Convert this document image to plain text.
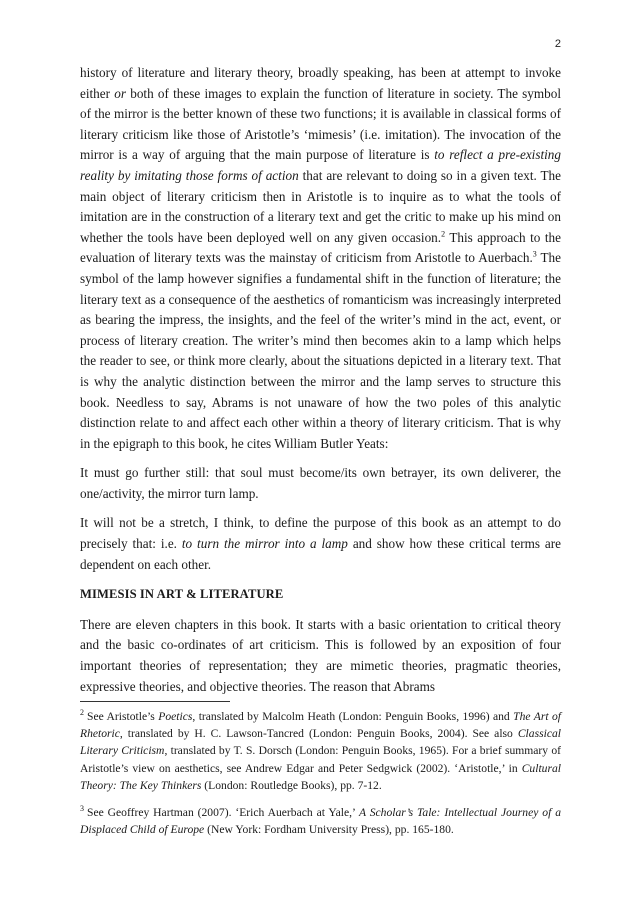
2

history of literature and literary theory, broadly speaking, has been at attempt to invoke either or both of these images to explain the function of literature in society. The symbol of the mirror is the better known of these two functions; it is available in classical forms of literary criticism like those of Aristotle’s ‘mimesis’ (i.e. imitation). The invocation of the mirror is a way of arguing that the main purpose of literature is to reflect a pre-existing reality by imitating those forms of action that are relevant to doing so in a given text. The main object of literary criticism then in Aristotle is to inquire as to what the tools of imitation are in the construction of a literary text and get the critic to make up his mind on whether the tools have been deployed well on any given occasion.$^2$ This approach to the evaluation of literary texts was the mainstay of criticism from Aristotle to Auerbach.$^3$ The symbol of the lamp however signifies a fundamental shift in the function of literature; the literary text as a consequence of the aesthetics of romanticism was increasingly interpreted as bearing the impress, the insights, and the feel of the writer’s mind in the act, event, or process of literary creation. The writer’s mind then becomes akin to a lamp which helps the reader to see, or think more clearly, about the situations depicted in a literary text. That is why the analytic distinction between the mirror and the lamp serves to structure this book. Needless to say, Abrams is not unaware of how the two poles of this analytic distinction relate to and affect each other within a theory of literary criticism. That is why in the epigraph to this book, he cites William Butler Yeats:

It must go further still: that soul must become/its own betrayer, its own deliverer, the one/activity, the mirror turn lamp.

It will not be a stretch, I think, to define the purpose of this book as an attempt to do precisely that: i.e. to turn the mirror into a lamp and show how these critical terms are dependent on each other.

MIMESIS IN ART & LITERATURE

There are eleven chapters in this book. It starts with a basic orientation to critical theory and the basic co-ordinates of art criticism. This is followed by an exposition of four important theories of representation; they are mimetic theories, pragmatic theories, expressive theories, and objective theories. The reason that Abrams

$^2$ See Aristotle’s Poetics, translated by Malcolm Heath (London: Penguin Books, 1996) and The Art of Rhetoric, translated by H. C. Lawson-Tancred (London: Penguin Books, 2004). See also Classical Literary Criticism, translated by T. S. Dorsch (London: Penguin Books, 1965). For a brief summary of Aristotle’s view on aesthetics, see Andrew Edgar and Peter Sedgwick (2002). ‘Aristotle,’ in Cultural Theory: The Key Thinkers (London: Routledge Books), pp. 7-12.

$^3$ See Geoffrey Hartman (2007). ‘Erich Auerbach at Yale,’ A Scholar’s Tale: Intellectual Journey of a Displaced Child of Europe (New York: Fordham University Press), pp. 165-180.
